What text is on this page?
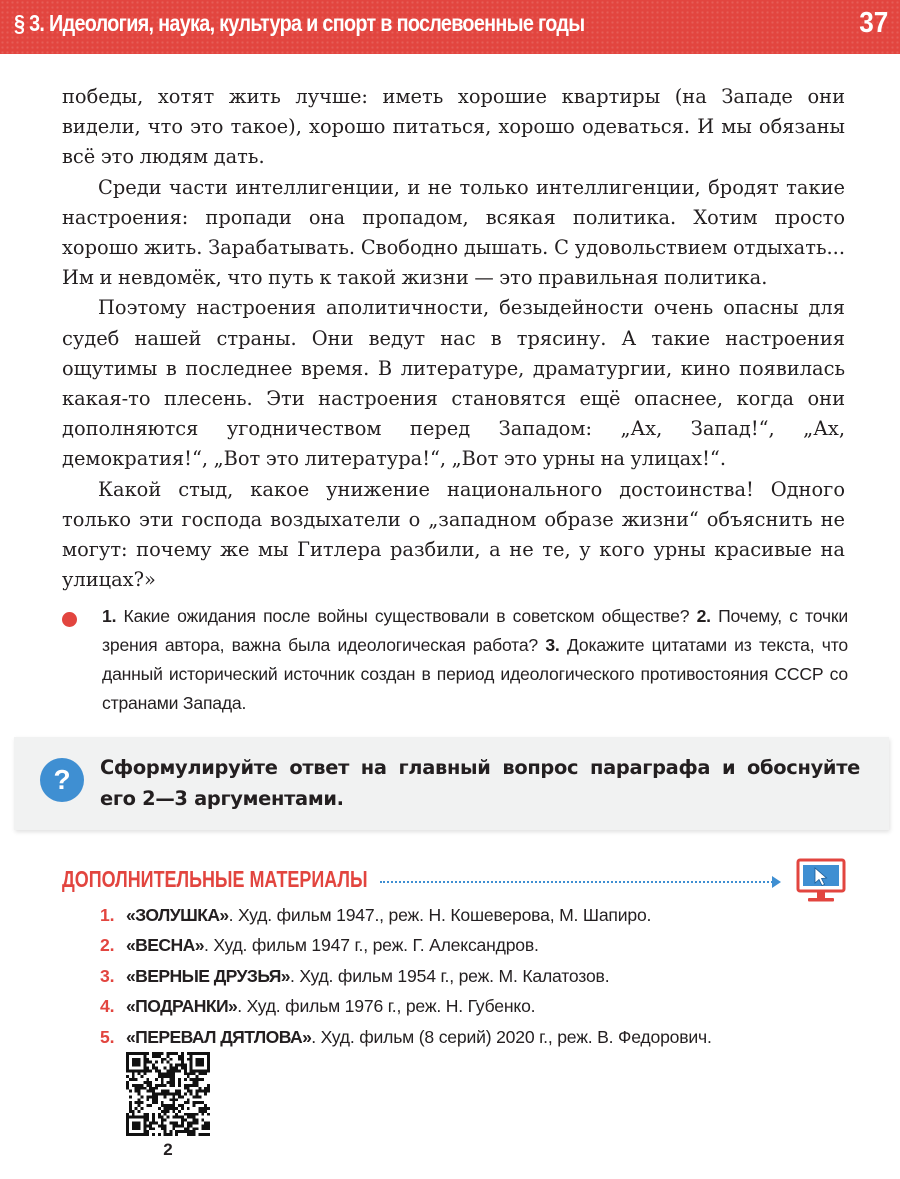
§ 3. Идеология, наука, культура и спорт в послевоенные годы	37

победы, хотят жить лучше: иметь хорошие квартиры (на Западе они видели, что это такое), хорошо питаться, хорошо одеваться. И мы обязаны всё это людям дать.

Среди части интеллигенции, и не только интеллигенции, бродят такие настроения: пропади она пропадом, всякая политика. Хотим просто хорошо жить. Зарабатывать. Свободно дышать. С удовольствием отдыхать... Им и невдомёк, что путь к такой жизни — это правильная политика.

Поэтому настроения аполитичности, безыдейности очень опасны для судеб нашей страны. Они ведут нас в трясину. А такие настроения ощутимы в последнее время. В литературе, драматургии, кино появилась какая-то плесень. Эти настроения становятся ещё опаснее, когда они дополняются угодничеством перед Западом: „Ах, Запад!“, „Ах, демократия!“, „Вот это литература!“, „Вот это урны на улицах!“.

Какой стыд, какое унижение национального достоинства! Одного только эти господа воздыхатели о „западном образе жизни“ объяснить не могут: почему же мы Гитлера разбили, а не те, у кого урны красивые на улицах?»

1. Какие ожидания после войны существовали в советском обществе? 2. Почему, с точки зрения автора, важна была идеологическая работа? 3. Докажите цитатами из текста, что данный исторический источник создан в период идеологического противостояния СССР со странами Запада.

?	Сформулируйте ответ на главный вопрос параграфа и обоснуйте его 2—3 аргументами.

ДОПОЛНИТЕЛЬНЫЕ МАТЕРИАЛЫ
1. «ЗОЛУШКА». Худ. фильм 1947., реж. Н. Кошеверова, М. Шапиро.
2. «ВЕСНА». Худ. фильм 1947 г., реж. Г. Александров.
3. «ВЕРНЫЕ ДРУЗЬЯ». Худ. фильм 1954 г., реж. М. Калатозов.
4. «ПОДРАНКИ». Худ. фильм 1976 г., реж. Н. Губенко.
5. «ПЕРЕВАЛ ДЯТЛОВА». Худ. фильм (8 серий) 2020 г., реж. В. Федорович.
2
